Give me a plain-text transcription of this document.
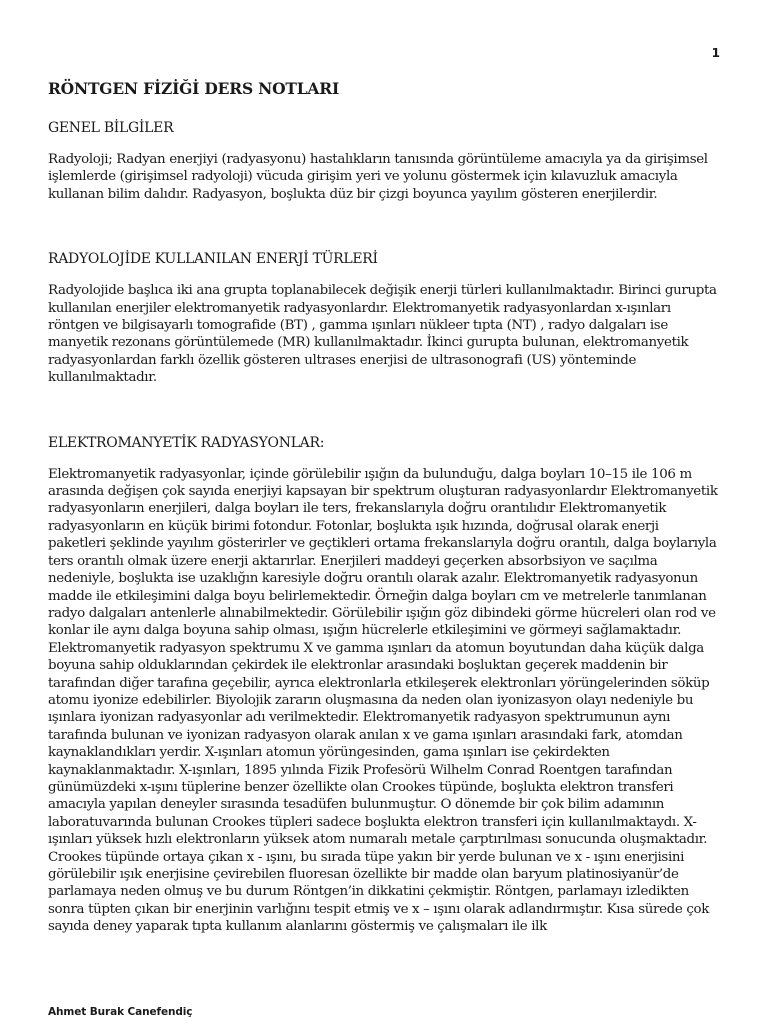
1
RÖNTGEN FİZİĞİ DERS NOTLARI
GENEL BİLGİLER

Radyoloji; Radyan enerjiyi (radyasyonu) hastalıkların tanısında görüntüleme amacıyla ya da girişimsel işlemlerde (girişimsel radyoloji) vücuda girişim yeri ve yolunu göstermek için kılavuzluk amacıyla kullanan bilim dalıdır. Radyasyon, boşlukta düz bir çizgi boyunca yayılım gösteren enerjilerdir.

RADYOLOJİDE KULLANILAN ENERJİ TÜRLERİ

Radyolojide başlıca iki ana grupta toplanabilecek değişik enerji türleri kullanılmaktadır. Birinci gurupta kullanılan enerjiler elektromanyetik radyasyonlardır. Elektromanyetik radyasyonlardan x-ışınları röntgen ve bilgisayarlı tomografide (BT) , gamma ışınları nükleer tıpta (NT) , radyo dalgaları ise manyetik rezonans görüntülemede (MR) kullanılmaktadır. İkinci gurupta bulunan, elektromanyetik radyasyonlardan farklı özellik gösteren ultrases enerjisi de ultrasonografi (US) yönteminde kullanılmaktadır.

ELEKTROMANYETİK RADYASYONLAR:

Elektromanyetik radyasyonlar, içinde görülebilir ışığın da bulunduğu, dalga boyları 10–15 ile 106 m arasında değişen çok sayıda enerjiyi kapsayan bir spektrum oluşturan radyasyonlardır Elektromanyetik radyasyonların enerjileri, dalga boyları ile ters, frekanslarıyla doğru orantılıdır Elektromanyetik radyasyonların en küçük birimi fotondur. Fotonlar, boşlukta ışık hızında, doğrusal olarak enerji paketleri şeklinde yayılım gösterirler ve geçtikleri ortama frekanslarıyla doğru orantılı, dalga boylarıyla ters orantılı olmak üzere enerji aktarırlar. Enerjileri maddeyi geçerken absorbsiyon ve saçılma nedeniyle, boşlukta ise uzaklığın karesiyle doğru orantılı olarak azalır. Elektromanyetik radyasyonun madde ile etkileşimini dalga boyu belirlemektedir. Örneğin dalga boyları cm ve metrelerle tanımlanan radyo dalgaları antenlerle alınabilmektedir. Görülebilir ışığın göz dibindeki görme hücreleri olan rod ve konlar ile aynı dalga boyuna sahip olması, ışığın hücrelerle etkileşimini ve görmeyi sağlamaktadır. Elektromanyetik radyasyon spektrumu X ve gamma ışınları da atomun boyutundan daha küçük dalga boyuna sahip olduklarından çekirdek ile elektronlar arasındaki boşluktan geçerek maddenin bir tarafından diğer tarafına geçebilir, ayrıca elektronlarla etkileşerek elektronları yörüngelerinden söküp atomu iyonize edebilirler. Biyolojik zararın oluşmasına da neden olan iyonizasyon olayı nedeniyle bu ışınlara iyonizan radyasyonlar adı verilmektedir. Elektromanyetik radyasyon spektrumunun aynı tarafında bulunan ve iyonizan radyasyon olarak anılan x ve gama ışınları arasındaki fark, atomdan kaynaklandıkları yerdir. X-ışınları atomun yörüngesinden, gama ışınları ise çekirdekten kaynaklanmaktadır. X-ışınları, 1895 yılında Fizik Profesörü Wilhelm Conrad Roentgen tarafından günümüzdeki x-ışını tüplerine benzer özellikte olan Crookes tüpünde, boşlukta elektron transferi amacıyla yapılan deneyler sırasında tesadüfen bulunmuştur. O dönemde bir çok bilim adamının laboratuvarında bulunan Crookes tüpleri sadece boşlukta elektron transferi için kullanılmaktaydı. X-ışınları yüksek hızlı elektronların yüksek atom numaralı metale çarptırılması sonucunda oluşmaktadır. Crookes tüpünde ortaya çıkan x - ışını, bu sırada tüpe yakın bir yerde bulunan ve x - ışını enerjisini görülebilir ışık enerjisine çevirebilen fluoresan özellikte bir madde olan baryum platinosiyanür’de parlamaya neden olmuş ve bu durum Röntgen’in dikkatini çekmiştir. Röntgen, parlamayı izledikten sonra tüpten çıkan bir enerjinin varlığını tespit etmiş ve x – ışını olarak adlandırmıştır. Kısa sürede çok sayıda deney yaparak tıpta kullanım alanlarını göstermiş ve çalışmaları ile ilk

Ahmet Burak Canefendiç
